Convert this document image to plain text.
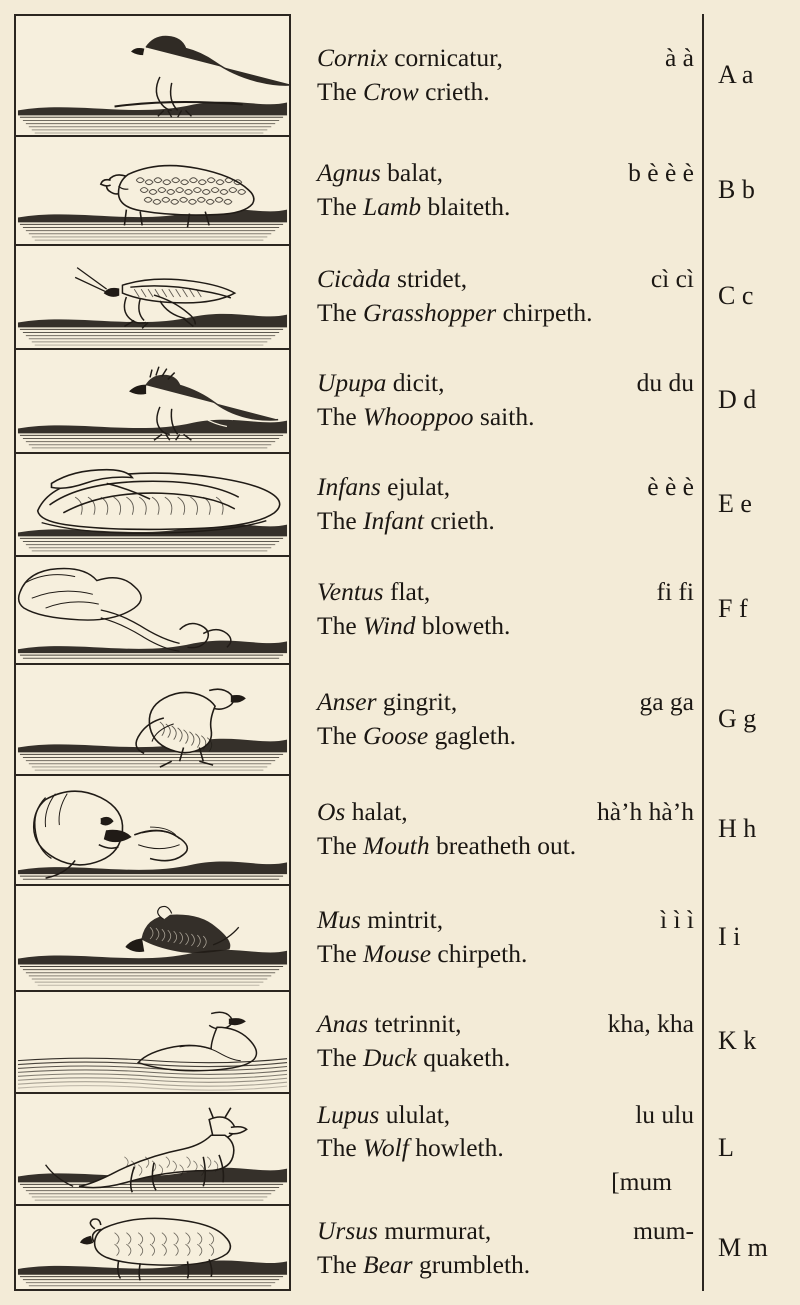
Cornix cornicatur,	à à
The Crow crieth.
A a
Agnus balat,	b è è è
The Lamb blaiteth.
B b
Cicàda stridet,	cì cì
The Grasshopper chirpeth.
C c
Upupa dicit,	du du
The Whooppoo saith.
D d
Infans ejulat,	è è è
The Infant crieth.
E e
Ventus flat,	fi fi
The Wind bloweth.
F f
Anser gingrit,	ga ga
The Goose gagleth.
G g
Os halat,	hà’h hà’h
The Mouth breatheth out.
H h
Mus mintrit,	ì ì ì
The Mouse chirpeth.
I i
Anas tetrinnit,	kha, kha
The Duck quaketh.
K k
Lupus ululat,	lu ulu
The Wolf howleth.
[mum
L
Ursus murmurat,	mum-
The Bear grumbleth.
M m
